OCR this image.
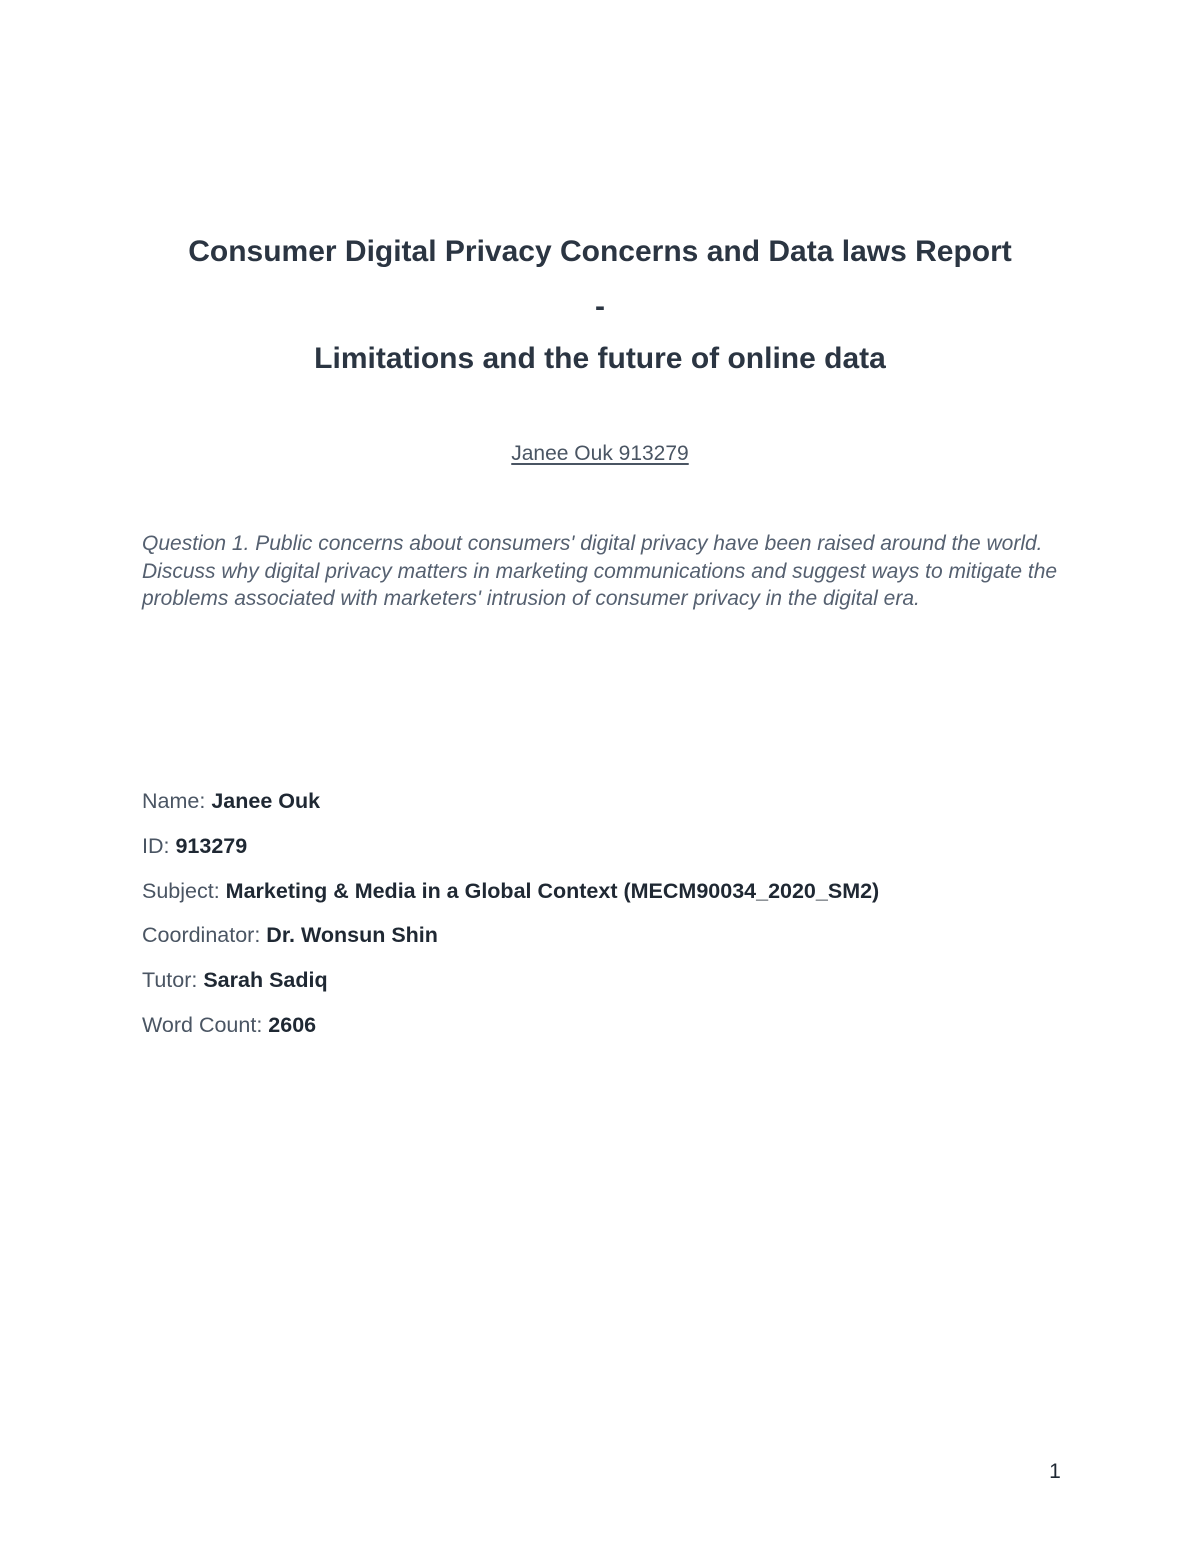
Consumer Digital Privacy Concerns and Data laws Report
-
Limitations and the future of online data
Janee Ouk 913279
Question 1. Public concerns about consumers' digital privacy have been raised around the world. Discuss why digital privacy matters in marketing communications and suggest ways to mitigate the problems associated with marketers' intrusion of consumer privacy in the digital era.
Name: Janee Ouk
ID: 913279
Subject: Marketing & Media in a Global Context (MECM90034_2020_SM2)
Coordinator: Dr. Wonsun Shin
Tutor: Sarah Sadiq
Word Count: 2606
1
